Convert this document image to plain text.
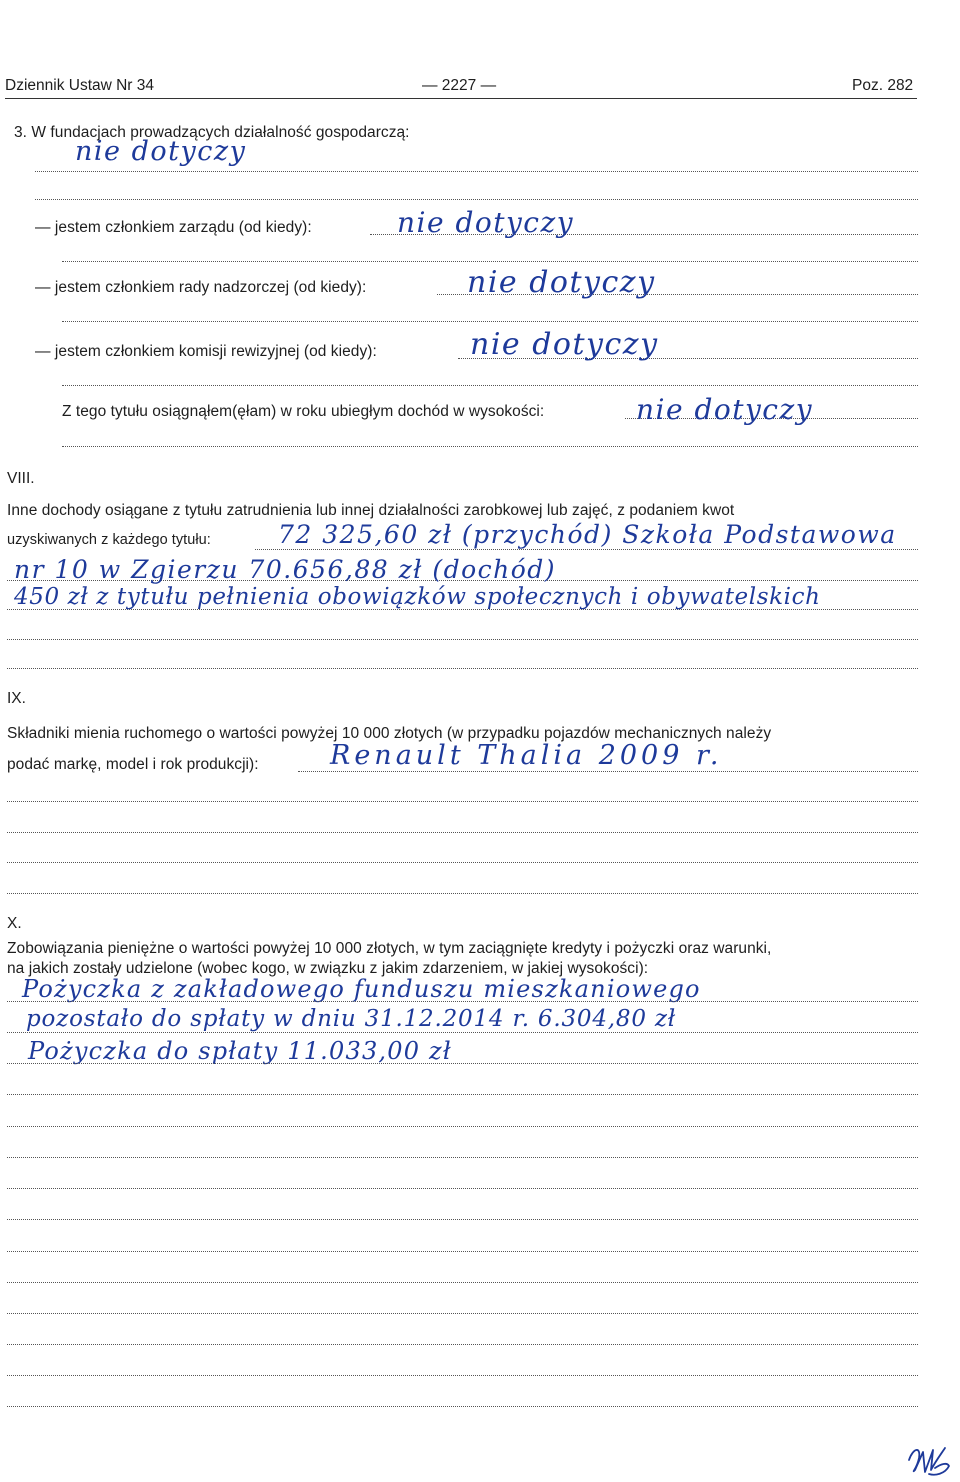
Dziennik Ustaw Nr 34	— 2227 —	Poz. 282
3. W fundacjach prowadzących działalność gospodarczą:
nie dotyczy
— jestem członkiem zarządu (od kiedy):	nie dotyczy
— jestem członkiem rady nadzorczej (od kiedy):	nie dotyczy
— jestem członkiem komisji rewizyjnej (od kiedy):	nie dotyczy
Z tego tytułu osiągnąłem(ęłam) w roku ubiegłym dochód w wysokości:	nie dotyczy
VIII.
Inne dochody osiągane z tytułu zatrudnienia lub innej działalności zarobkowej lub zajęć, z podaniem kwot
uzyskiwanych z każdego tytułu:	72 325,60 zł (przychód) Szkoła Podstawowa
nr 10 w Zgierzu 70.656,88 zł (dochód)
450 zł z tytułu pełnienia obowiązków społecznych i obywatelskich
IX.
Składniki mienia ruchomego o wartości powyżej 10 000 złotych (w przypadku pojazdów mechanicznych należy
podać markę, model i rok produkcji):	Renault Thalia 2009 r.
X.
Zobowiązania pieniężne o wartości powyżej 10 000 złotych, w tym zaciągnięte kredyty i pożyczki oraz warunki,
na jakich zostały udzielone (wobec kogo, w związku z jakim zdarzeniem, w jakiej wysokości):
Pożyczka z zakładowego funduszu mieszkaniowego
pozostało do spłaty w dniu 31.12.2014 r. 6.304,80 zł
Pożyczka do spłaty 11.033,00 zł
